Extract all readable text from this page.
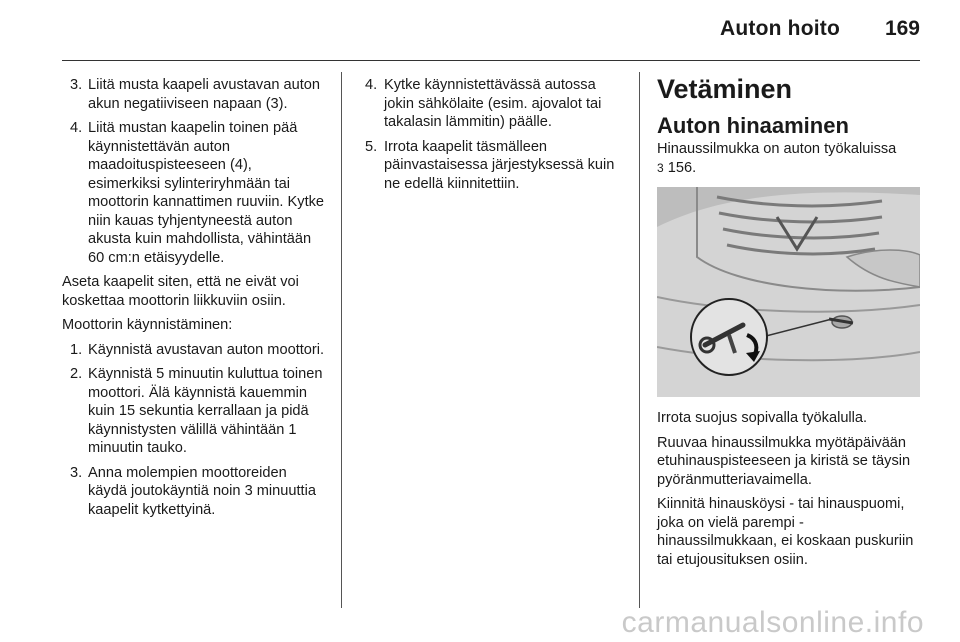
Auton hoito 169
3. Liitä musta kaapeli avustavan auton akun negatiiviseen napaan (3).
4. Liitä mustan kaapelin toinen pää käynnistettävän auton maadoituspisteeseen (4), esimerkiksi sylinteriryhmään tai moottorin kannattimen ruuviin. Kytke niin kauas tyhjentyneestä auton akusta kuin mahdollista, vähintään 60 cm:n etäisyydelle.

Aseta kaapelit siten, että ne eivät voi koskettaa moottorin liikkuviin osiin.

Moottorin käynnistäminen:

1. Käynnistä avustavan auton moottori.
2. Käynnistä 5 minuutin kuluttua toinen moottori. Älä käynnistä kauemmin kuin 15 sekuntia kerrallaan ja pidä käynnistysten välillä vähintään 1 minuutin tauko.
3. Anna molempien moottoreiden käydä joutokäyntiä noin 3 minuuttia kaapelit kytkettyinä.
4. Kytke käynnistettävässä autossa jokin sähkölaite (esim. ajovalot tai takalasin lämmitin) päälle.
5. Irrota kaapelit täsmälleen päinvastaisessa järjestyksessä kuin ne edellä kiinnitettiin.
Vetäminen
Auton hinaaminen

Hinaussilmukka on auton työkaluissa
3 156.

Irrota suojus sopivalla työkalulla.

Ruuvaa hinaussilmukka myötäpäivään etuhinauspisteeseen ja kiristä se täysin pyöränmutteriavaimella.

Kiinnitä hinausköysi - tai hinauspuomi, joka on vielä parempi - hinaussilmukkaan, ei koskaan puskuriin tai etujousituksen osiin.

carmanualsonline.info
